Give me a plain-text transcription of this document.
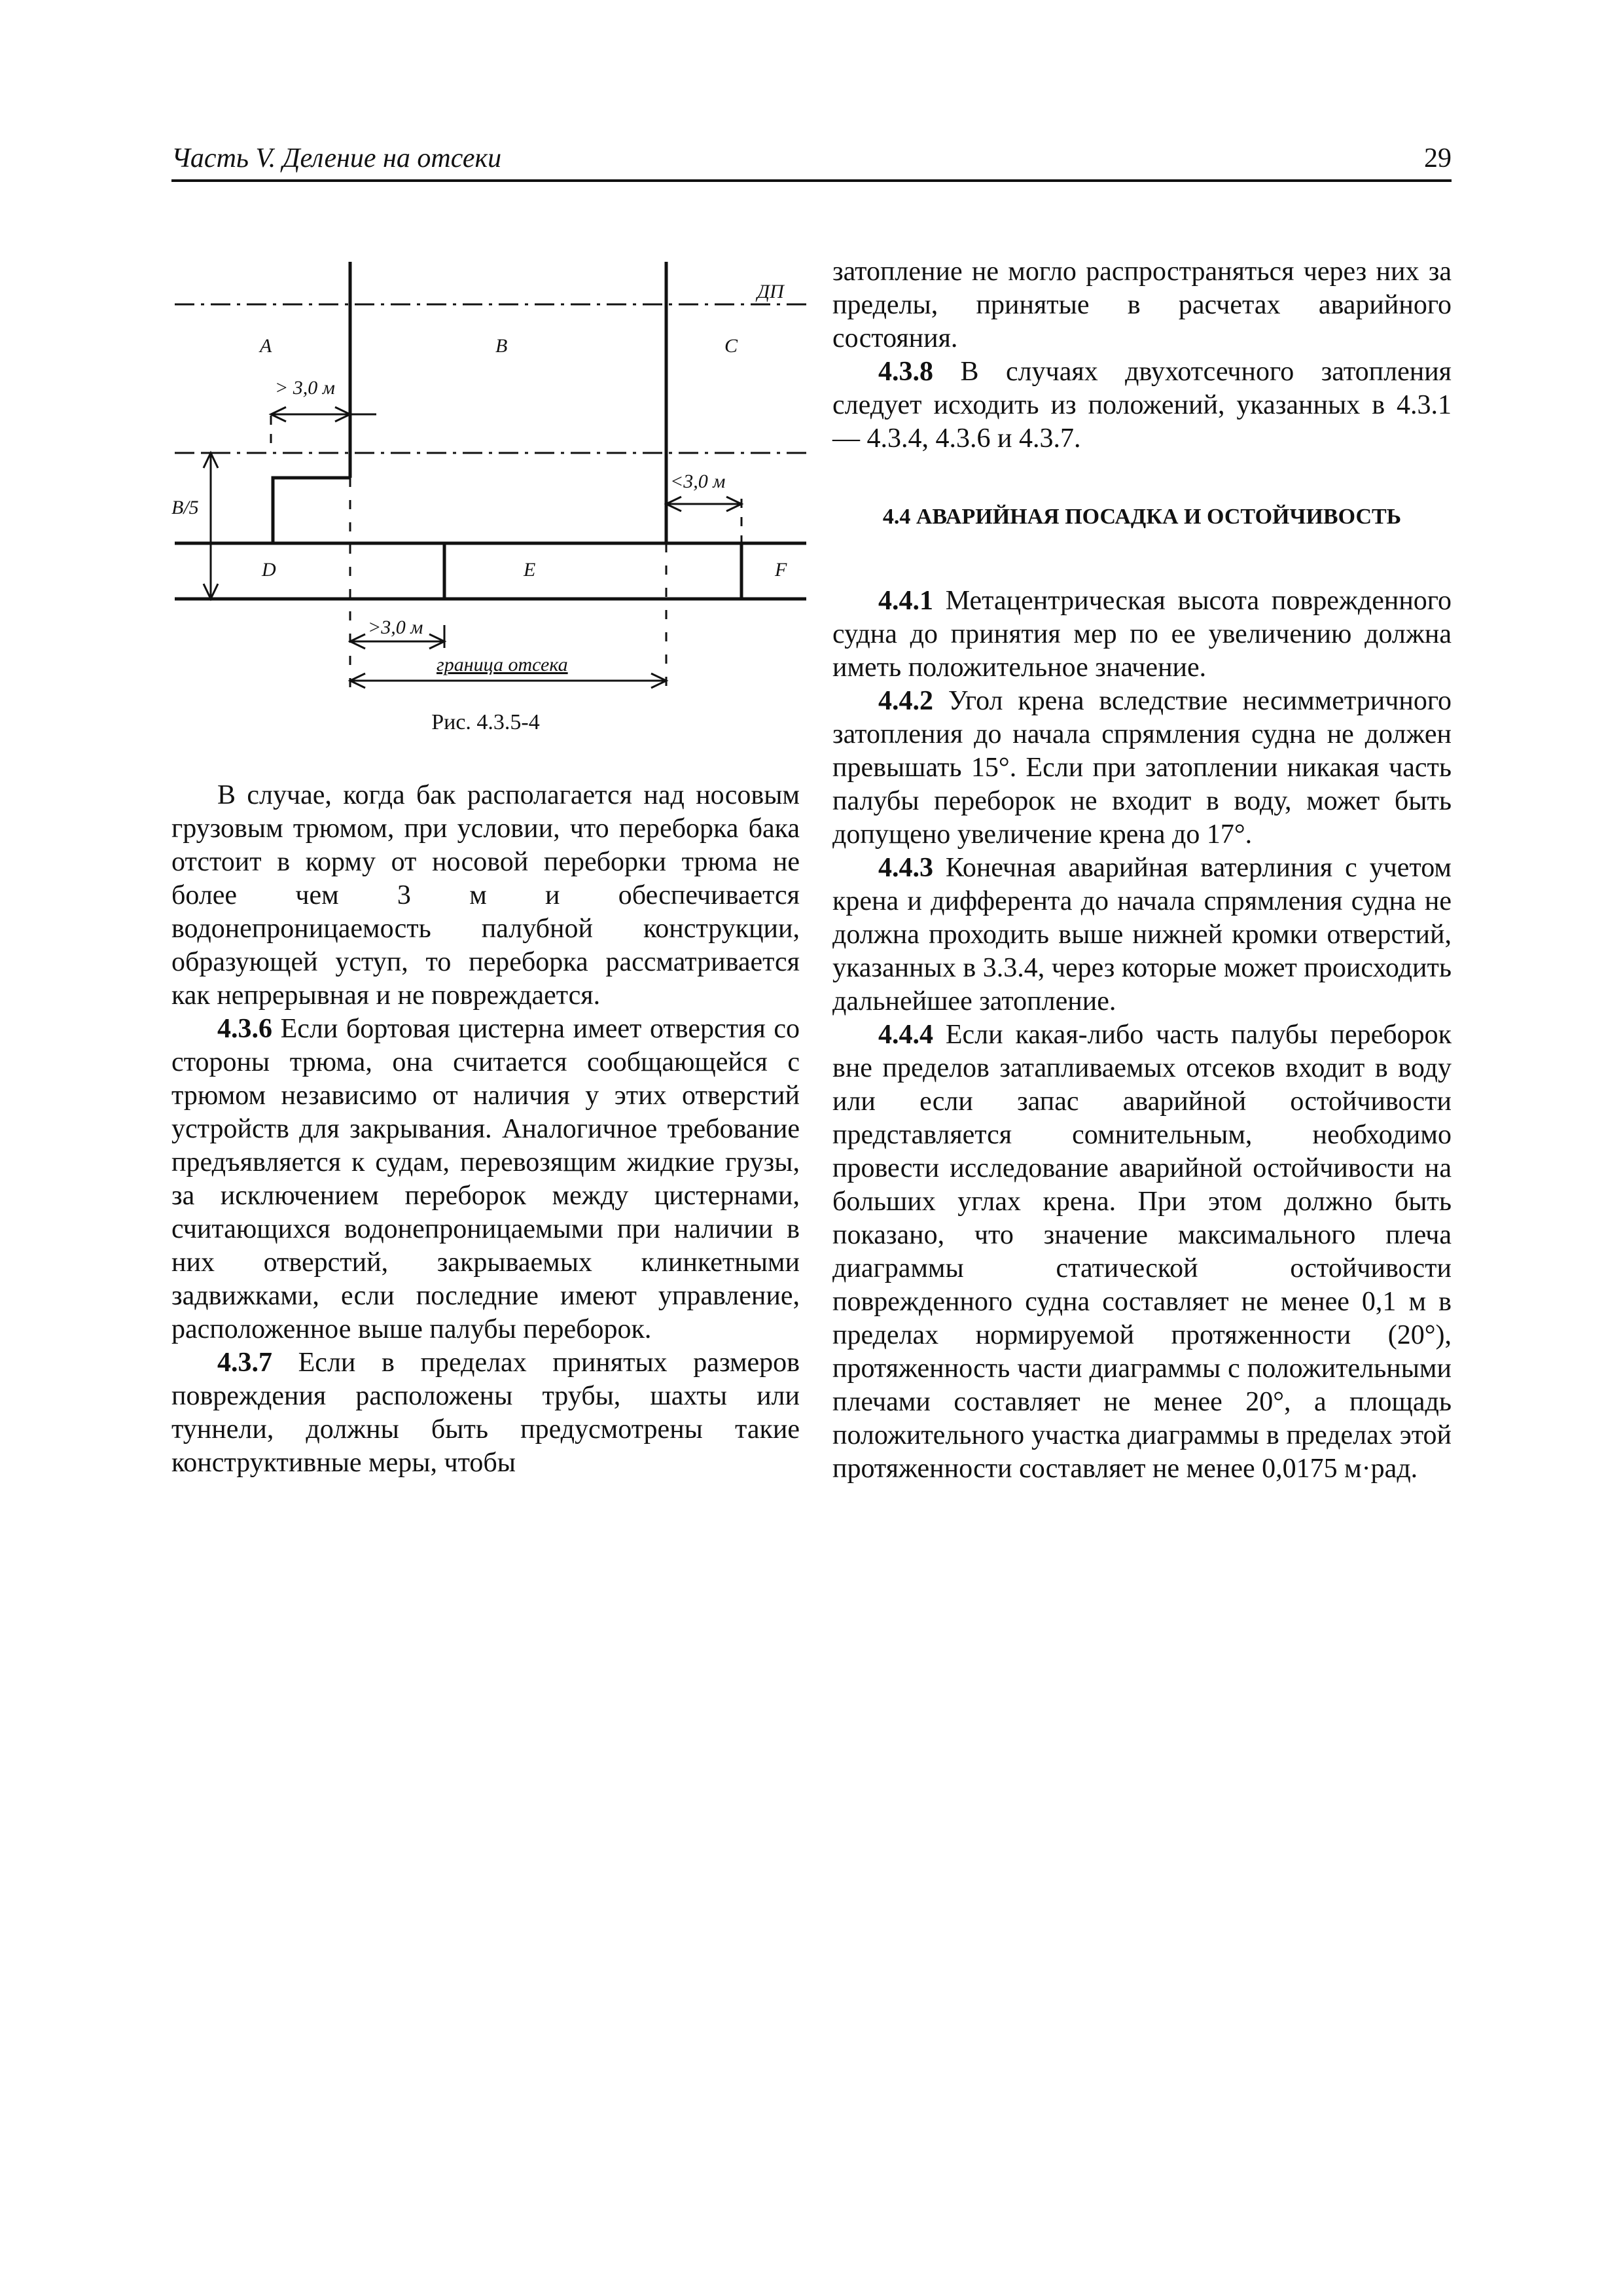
Часть V. Деление на отсеки	29
ДП
A	B	C
> 3,0 м
B/5
<3,0 м
D	E	F
>3,0 м
граница отсека
Рис. 4.3.5-4

В случае, когда бак располагается над носовым грузовым трюмом, при условии, что переборка бака отстоит в корму от носовой переборки трюма не более чем 3 м и обеспечивается водонепроницаемость палубной конструкции, образующей уступ, то переборка рассматривается как непрерывная и не повреждается.

4.3.6 Если бортовая цистерна имеет отверстия со стороны трюма, она считается сообщающейся с трюмом независимо от наличия у этих отверстий устройств для закрывания. Аналогичное требование предъявляется к судам, перевозящим жидкие грузы, за исключением переборок между цистернами, считающихся водонепроницаемыми при наличии в них отверстий, закрываемых клинкетными задвижками, если последние имеют управление, расположенное выше палубы переборок.

4.3.7 Если в пределах принятых размеров повреждения расположены трубы, шахты или туннели, должны быть предусмотрены такие конструктивные меры, чтобы

затопление не могло распространяться через них за пределы, принятые в расчетах аварийного состояния.

4.3.8 В случаях двухотсечного затопления следует исходить из положений, указанных в 4.3.1 — 4.3.4, 4.3.6 и 4.3.7.

4.4 АВАРИЙНАЯ ПОСАДКА И ОСТОЙЧИВОСТЬ

4.4.1 Метацентрическая высота поврежденного судна до принятия мер по ее увеличению должна иметь положительное значение.

4.4.2 Угол крена вследствие несимметричного затопления до начала спрямления судна не должен превышать 15°. Если при затоплении никакая часть палубы переборок не входит в воду, может быть допущено увеличение крена до 17°.

4.4.3 Конечная аварийная ватерлиния с учетом крена и дифферента до начала спрямления судна не должна проходить выше нижней кромки отверстий, указанных в 3.3.4, через которые может происходить дальнейшее затопление.

4.4.4 Если какая-либо часть палубы переборок вне пределов затапливаемых отсеков входит в воду или если запас аварийной остойчивости представляется сомнительным, необходимо провести исследование аварийной остойчивости на больших углах крена. При этом должно быть показано, что значение максимального плеча диаграммы статической остойчивости поврежденного судна составляет не менее 0,1 м в пределах нормируемой протяженности (20°), протяженность части диаграммы с положительными плечами составляет не менее 20°, а площадь положительного участка диаграммы в пределах этой протяженности составляет не менее 0,0175 м·рад.
